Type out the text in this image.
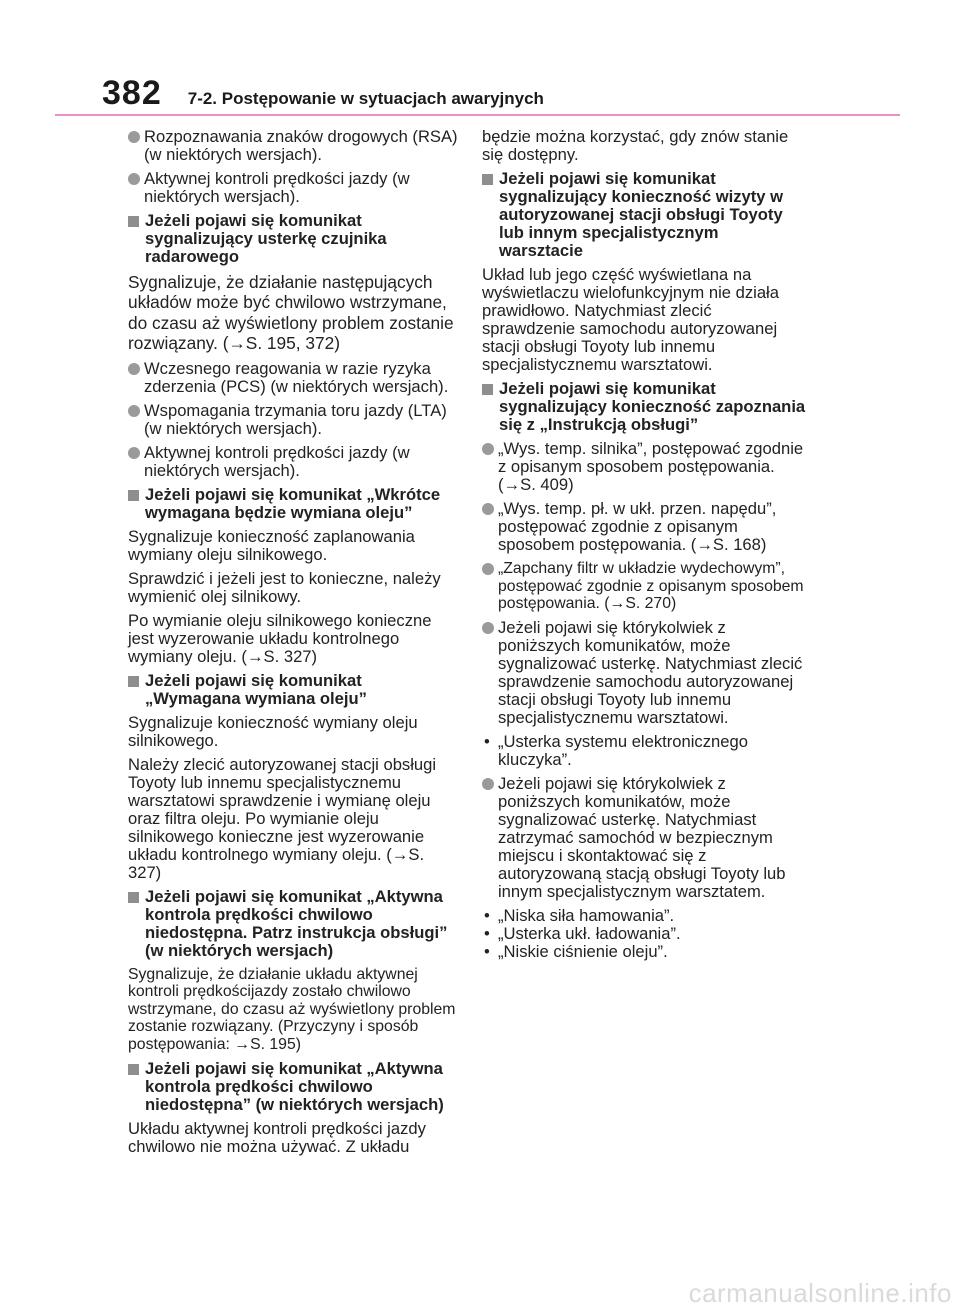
382 7-2. Postępowanie w sytuacjach awaryjnych
Rozpoznawania znaków drogowych (RSA) (w niektórych wersjach).
Aktywnej kontroli prędkości jazdy (w niektórych wersjach).
Jeżeli pojawi się komunikat sygnalizujący usterkę czujnika radarowego

Sygnalizuje, że działanie następujących układów może być chwilowo wstrzymane, do czasu aż wyświetlony problem zostanie rozwiązany. (→S. 195, 372)

Wczesnego reagowania w razie ryzyka zderzenia (PCS) (w niektórych wersjach).
Wspomagania trzymania toru jazdy (LTA) (w niektórych wersjach).
Aktywnej kontroli prędkości jazdy (w niektórych wersjach).
Jeżeli pojawi się komunikat „Wkrótce wymagana będzie wymiana oleju”

Sygnalizuje konieczność zaplanowania wymiany oleju silnikowego.

Sprawdzić i jeżeli jest to konieczne, należy wymienić olej silnikowy.

Po wymianie oleju silnikowego konieczne jest wyzerowanie układu kontrolnego wymiany oleju. (→S. 327)

Jeżeli pojawi się komunikat „Wymagana wymiana oleju”

Sygnalizuje konieczność wymiany oleju silnikowego.

Należy zlecić autoryzowanej stacji obsługi Toyoty lub innemu specjalistycznemu warsztatowi sprawdzenie i wymianę oleju oraz filtra oleju. Po wymianie oleju silnikowego konieczne jest wyzerowanie układu kontrolnego wymiany oleju. (→S. 327)

Jeżeli pojawi się komunikat „Aktywna kontrola prędkości chwilowo niedostępna. Patrz instrukcja obsługi” (w niektórych wersjach)

Sygnalizuje, że działanie układu aktywnej kontroli prędkościjazdy zostało chwilowo wstrzymane, do czasu aż wyświetlony problem zostanie rozwiązany. (Przyczyny i sposób postępowania: →S. 195)

Jeżeli pojawi się komunikat „Aktywna kontrola prędkości chwilowo niedostępna” (w niektórych wersjach)

Układu aktywnej kontroli prędkości jazdy chwilowo nie można używać. Z układu

będzie można korzystać, gdy znów stanie się dostępny.

Jeżeli pojawi się komunikat sygnalizujący konieczność wizyty w autoryzowanej stacji obsługi Toyoty lub innym specjalistycznym warsztacie

Układ lub jego część wyświetlana na wyświetlaczu wielofunkcyjnym nie działa prawidłowo. Natychmiast zlecić sprawdzenie samochodu autoryzowanej stacji obsługi Toyoty lub innemu specjalistycznemu warsztatowi.

Jeżeli pojawi się komunikat sygnalizujący konieczność zapoznania się z „Instrukcją obsługi”
„Wys. temp. silnika”, postępować zgodnie z opisanym sposobem postępowania. (→S. 409)
„Wys. temp. pł. w ukł. przen. napędu”, postępować zgodnie z opisanym sposobem postępowania. (→S. 168)
„Zapchany filtr w układzie wydechowym”, postępować zgodnie z opisanym sposobem postępowania. (→S. 270)
Jeżeli pojawi się którykolwiek z poniższych komunikatów, może sygnalizować usterkę. Natychmiast zlecić sprawdzenie samochodu autoryzowanej stacji obsługi Toyoty lub innemu specjalistycznemu warsztatowi.
• „Usterka systemu elektronicznego kluczyka”.
Jeżeli pojawi się którykolwiek z poniższych komunikatów, może sygnalizować usterkę. Natychmiast zatrzymać samochód w bezpiecznym miejscu i skontaktować się z autoryzowaną stacją obsługi Toyoty lub innym specjalistycznym warsztatem.
• „Niska siła hamowania”.
• „Usterka ukł. ładowania”.
• „Niskie ciśnienie oleju”.
carmanualsonline.info
